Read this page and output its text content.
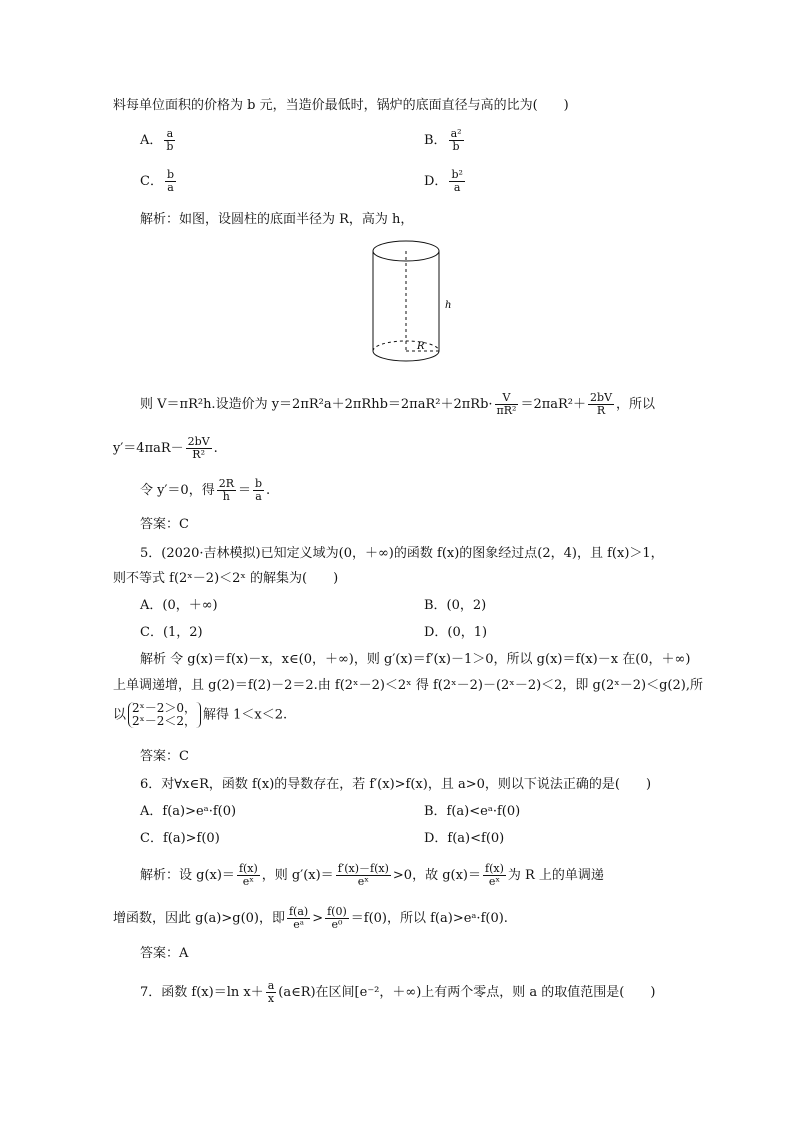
料每单位面积的价格为 b 元，当造价最低时，锅炉的底面直径与高的比为(　　)
A． $\frac{a}{b}$	B． $\frac{\text{a²}}{b}$
C． $\frac{b}{a}$	D． $\frac{\text{b²}}{a}$
解析：如图，设圆柱的底面半径为 R，高为 h，
h
R
则 V＝πR²h.设造价为 $y=2\pi R^2a+2\pi Rhb=2\pi aR^2+2\pi Rb\cdot \frac{V}{\text{πR²}} =2\pi aR^2+ \frac{2bV}{R}$ ，所以
$y'=4\pi aR- \frac{2bV}{\text{R²}}$ .
令 y′＝0，得 $\frac{2R}{h} = \frac{b}{a}$ .
答案：C
5．(2020·吉林模拟)已知定义域为(0，＋∞)的函数 f(x)的图象经过点(2，4)，且 f(x)＞1，
则不等式 f(2ˣ－2)＜2ˣ 的解集为(　　)
A．(0，＋∞)	B．(0，2)
C．(1，2)	D．(0，1)
解析 令 g(x)＝f(x)－x，x∈(0，＋∞)，则 g′(x)＝f′(x)－1＞0，所以 g(x)＝f(x)－x 在(0，＋∞)
上单调递增，且 g(2)＝f(2)－2＝2.由 f(2ˣ－2)＜2ˣ 得 f(2ˣ－2)－(2ˣ－2)＜2，即 g(2ˣ－2)＜g(2),所
以 2ˣ－2＞0，
2ˣ－2＜2， 解得 1＜x＜2.
答案：C
6．对∀x∈R，函数 f(x)的导数存在，若 f′(x)>f(x)，且 a>0，则以下说法正确的是(　　)
A．f(a)>eᵃ·f(0)	B．f(a)<eᵃ·f(0)
C．f(a)>f(0)	D．f(a)<f(0)
解析：设 $g(x)= \frac{f(x)}{\text{eˣ}}$ ，则 $g'(x)= \frac{f'(x)-f(x)}{\text{eˣ}} >0$，故 $g(x)= \frac{f(x)}{\text{eˣ}}$ 为 R 上的单调递
增函数，因此 g(a)>g(0)，即 $\frac{f(a)}{\text{eᵃ}} > \frac{f(0)}{\text{e⁰}} =f(0)$，所以 f(a)>eᵃ·f(0).
答案：A
7．函数 f(x)＝ln $x+ \frac{a}{x}$ (a∈R)在区间[e⁻²，＋∞)上有两个零点，则 a 的取值范围是(　　)
